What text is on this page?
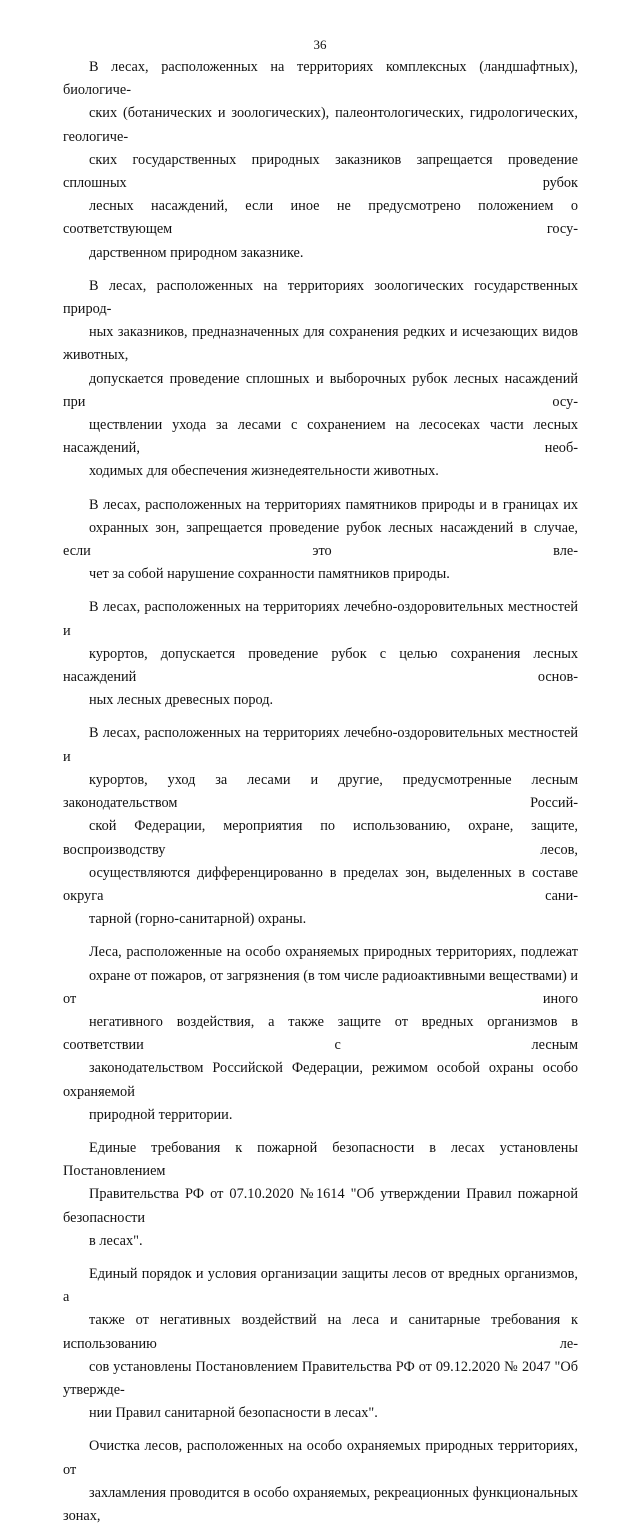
36

В лесах, расположенных на территориях комплексных (ландшафтных), биологиче-
ских (ботанических и зоологических), палеонтологических, гидрологических, геологиче-
ских государственных природных заказников запрещается проведение сплошных рубок
лесных насаждений, если иное не предусмотрено положением о соответствующем госу-
дарственном природном заказнике.

В лесах, расположенных на территориях зоологических государственных природ-
ных заказников, предназначенных для сохранения редких и исчезающих видов животных,
допускается проведение сплошных и выборочных рубок лесных насаждений при осу-
ществлении ухода за лесами с сохранением на лесосеках части лесных насаждений, необ-
ходимых для обеспечения жизнедеятельности животных.

В лесах, расположенных на территориях памятников природы и в границах их
охранных зон, запрещается проведение рубок лесных насаждений в случае, если это вле-
чет за собой нарушение сохранности памятников природы.

В лесах, расположенных на территориях лечебно-оздоровительных местностей и
курортов, допускается проведение рубок с целью сохранения лесных насаждений основ-
ных лесных древесных пород.

В лесах, расположенных на территориях лечебно-оздоровительных местностей и
курортов, уход за лесами и другие, предусмотренные лесным законодательством Россий-
ской Федерации, мероприятия по использованию, охране, защите, воспроизводству лесов,
осуществляются дифференцированно в пределах зон, выделенных в составе округа сани-
тарной (горно-санитарной) охраны.

Леса, расположенные на особо охраняемых природных территориях, подлежат
охране от пожаров, от загрязнения (в том числе радиоактивными веществами) и от иного
негативного воздействия, а также защите от вредных организмов в соответствии с лесным
законодательством Российской Федерации, режимом особой охраны особо охраняемой
природной территории.

Единые требования к пожарной безопасности в лесах установлены Постановлением
Правительства РФ от 07.10.2020 №1614 "Об утверждении Правил пожарной безопасности
в лесах".

Единый порядок и условия организации защиты лесов от вредных организмов, а
также от негативных воздействий на леса и санитарные требования к использованию ле-
сов установлены Постановлением Правительства РФ от 09.12.2020 № 2047 "Об утвержде-
нии Правил санитарной безопасности в лесах".

Очистка лесов, расположенных на особо охраняемых природных территориях, от
захламления проводится в особо охраняемых, рекреационных функциональных зонах,
